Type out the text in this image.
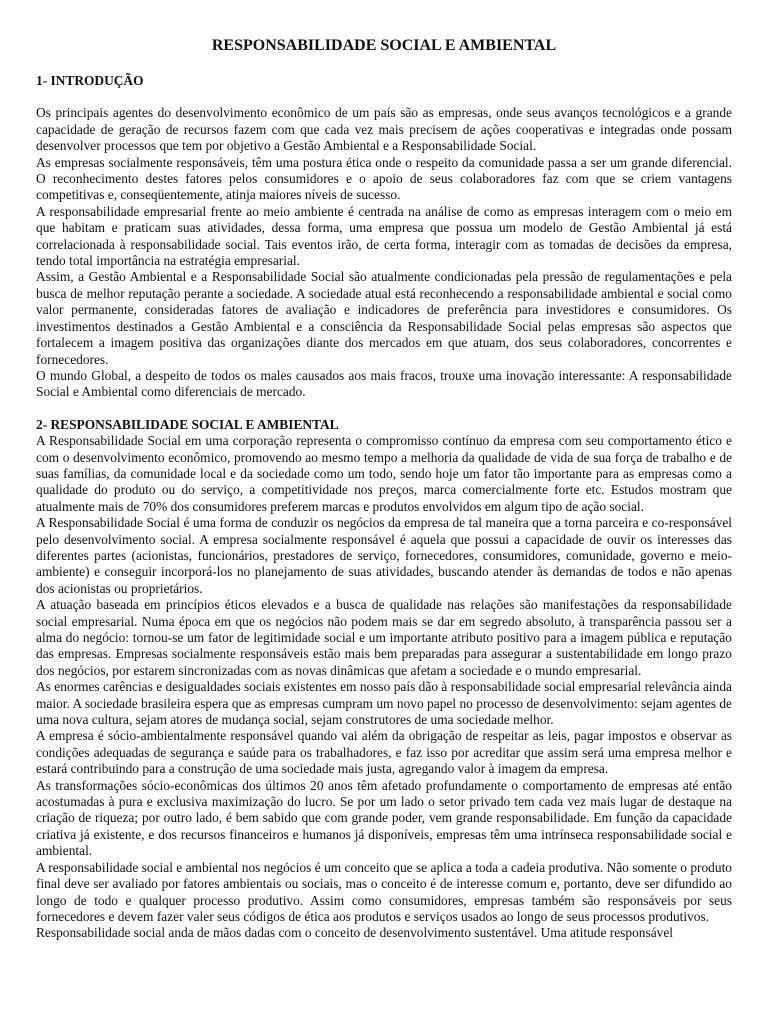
RESPONSABILIDADE SOCIAL E AMBIENTAL
1- INTRODUÇÃO

Os principais agentes do desenvolvimento econômico de um país são as empresas, onde seus avanços tecnológicos e a grande capacidade de geração de recursos fazem com que cada vez mais precisem de ações cooperativas e integradas onde possam desenvolver processos que tem por objetivo a Gestão Ambiental e a Responsabilidade Social.

As empresas socialmente responsáveis, têm uma postura ética onde o respeito da comunidade passa a ser um grande diferencial. O reconhecimento destes fatores pelos consumidores e o apoio de seus colaboradores faz com que se criem vantagens competitivas e, conseqüentemente, atinja maiores níveis de sucesso.

A responsabilidade empresarial frente ao meio ambiente é centrada na análise de como as empresas interagem com o meio em que habitam e praticam suas atividades, dessa forma, uma empresa que possua um modelo de Gestão Ambiental já está correlacionada à responsabilidade social. Tais eventos irão, de certa forma, interagir com as tomadas de decisões da empresa, tendo total importância na estratégia empresarial.

Assim, a Gestão Ambiental e a Responsabilidade Social são atualmente condicionadas pela pressão de regulamentações e pela busca de melhor reputação perante a sociedade. A sociedade atual está reconhecendo a responsabilidade ambiental e social como valor permanente, consideradas fatores de avaliação e indicadores de preferência para investidores e consumidores. Os investimentos destinados a Gestão Ambiental e a consciência da Responsabilidade Social pelas empresas são aspectos que fortalecem a imagem positiva das organizações diante dos mercados em que atuam, dos seus colaboradores, concorrentes e fornecedores.

O mundo Global, a despeito de todos os males causados aos mais fracos, trouxe uma inovação interessante: A responsabilidade Social e Ambiental como diferenciais de mercado.

2- RESPONSABILIDADE SOCIAL E AMBIENTAL

A Responsabilidade Social em uma corporação representa o compromisso contínuo da empresa com seu comportamento ético e com o desenvolvimento econômico, promovendo ao mesmo tempo a melhoria da qualidade de vida de sua força de trabalho e de suas famílias, da comunidade local e da sociedade como um todo, sendo hoje um fator tão importante para as empresas como a qualidade do produto ou do serviço, a competitividade nos preços, marca comercialmente forte etc. Estudos mostram que atualmente mais de 70% dos consumidores preferem marcas e produtos envolvidos em algum tipo de ação social.

A Responsabilidade Social é uma forma de conduzir os negócios da empresa de tal maneira que a torna parceira e co-responsável pelo desenvolvimento social. A empresa socialmente responsável é aquela que possui a capacidade de ouvir os interesses das diferentes partes (acionistas, funcionários, prestadores de serviço, fornecedores, consumidores, comunidade, governo e meio-ambiente) e conseguir incorporá-los no planejamento de suas atividades, buscando atender às demandas de todos e não apenas dos acionistas ou proprietários.

A atuação baseada em princípios éticos elevados e a busca de qualidade nas relações são manifestações da responsabilidade social empresarial. Numa época em que os negócios não podem mais se dar em segredo absoluto, à transparência passou ser a alma do negócio: tornou-se um fator de legitimidade social e um importante atributo positivo para a imagem pública e reputação das empresas. Empresas socialmente responsáveis estão mais bem preparadas para assegurar a sustentabilidade em longo prazo dos negócios, por estarem sincronizadas com as novas dinâmicas que afetam a sociedade e o mundo empresarial.

As enormes carências e desigualdades sociais existentes em nosso país dão à responsabilidade social empresarial relevância ainda maior. A sociedade brasileira espera que as empresas cumpram um novo papel no processo de desenvolvimento: sejam agentes de uma nova cultura, sejam atores de mudança social, sejam construtores de uma sociedade melhor.

A empresa é sócio-ambientalmente responsável quando vai além da obrigação de respeitar as leis, pagar impostos e observar as condições adequadas de segurança e saúde para os trabalhadores, e faz isso por acreditar que assim será uma empresa melhor e estará contribuindo para a construção de uma sociedade mais justa, agregando valor à imagem da empresa.

As transformações sócio-econômicas dos últimos 20 anos têm afetado profundamente o comportamento de empresas até então acostumadas à pura e exclusiva maximização do lucro. Se por um lado o setor privado tem cada vez mais lugar de destaque na criação de riqueza; por outro lado, é bem sabido que com grande poder, vem grande responsabilidade. Em função da capacidade criativa já existente, e dos recursos financeiros e humanos já disponíveis, empresas têm uma intrínseca responsabilidade social e ambiental.

A responsabilidade social e ambiental nos negócios é um conceito que se aplica a toda a cadeia produtiva. Não somente o produto final deve ser avaliado por fatores ambientais ou sociais, mas o conceito é de interesse comum e, portanto, deve ser difundido ao longo de todo e qualquer processo produtivo. Assim como consumidores, empresas também são responsáveis por seus fornecedores e devem fazer valer seus códigos de ética aos produtos e serviços usados ao longo de seus processos produtivos.

Responsabilidade social anda de mãos dadas com o conceito de desenvolvimento sustentável. Uma atitude responsável
